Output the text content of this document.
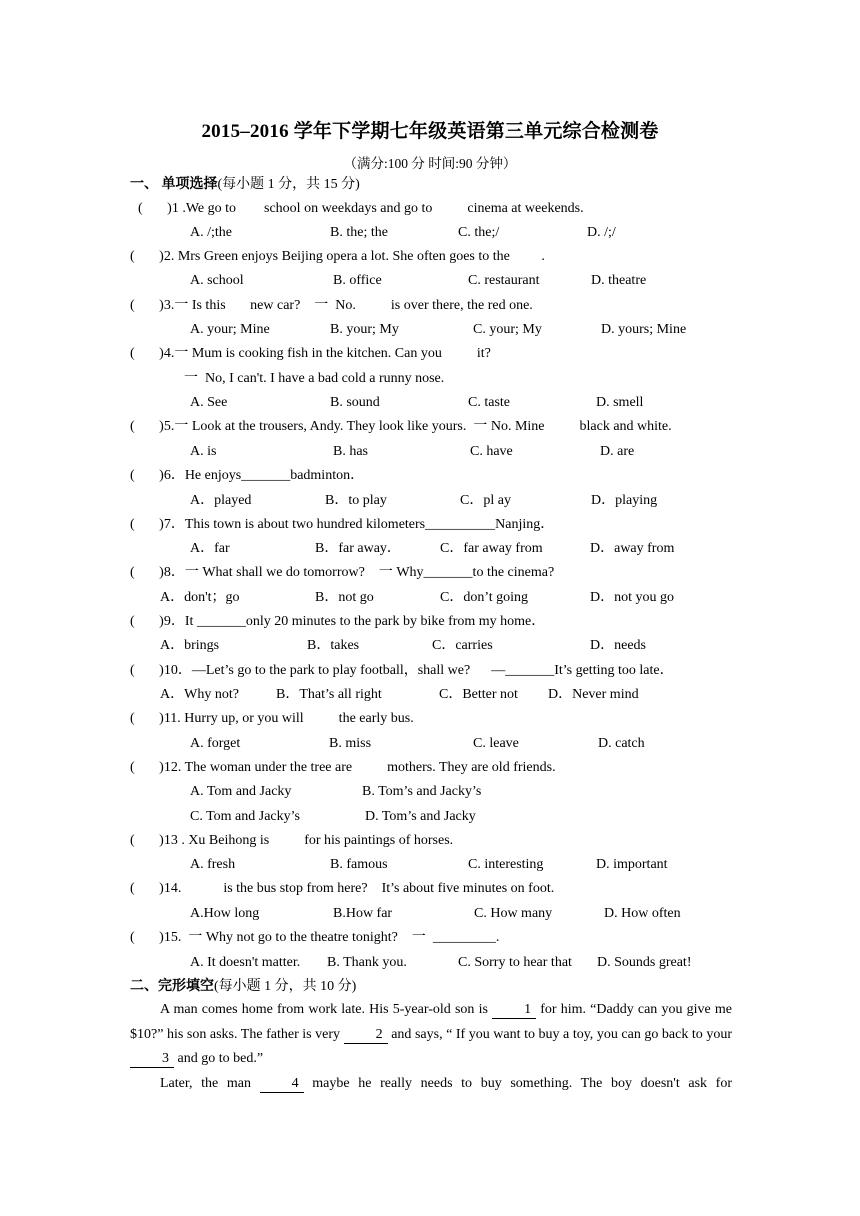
2015–2016 学年下学期七年级英语第三单元综合检测卷
（满分:100 分 时间:90 分钟）
一、 单项选择(每小题 1 分，共 15 分)
(       )1 .We go to        school on weekdays and go to          cinema at weekends.
A. /;the	B. the; the	C. the;/	D. /;/
(       )2. Mrs Green enjoys Beijing opera a lot. She often goes to the         .
A. school	B. office	C. restaurant	D. theatre
(       )3.一 Is this       new car?    一  No.          is over there, the red one.
A. your; Mine	B. your; My	C. your; My	D. yours; Mine
(       )4.一 Mum is cooking fish in the kitchen. Can you          it?
一  No, I can't. I have a bad cold a runny nose.
A. See	B. sound	C. taste	D. smell
(       )5.一 Look at the trousers, Andy. They look like yours.  一 No. Mine          black and white.
A. is	B. has	C. have	D. are
(       )6．He enjoys_______badminton．
A．played	B．to play	C．pl ay	D．playing
(       )7．This town is about two hundred kilometers__________Nanjing．
A．far	B．far away．	C．far away from	D．away from
(       )8．一 What shall we do tomorrow?    一 Why_______to the cinema?
A．don't；go	B．not go	C．don’t going	D．not you go
(       )9．It _______only 20 minutes to the park by bike from my home．
A．brings	B．takes	C．carries	D．needs
(       )10．—Let’s go to the park to play football，shall we?      —_______It’s getting too late．
A．Why not?	B．That’s all right	C．Better not D．Never mind
(       )11. Hurry up, or you will          the early bus.
A. forget	B. miss	C. leave	D. catch
(       )12. The woman under the tree are          mothers. They are old friends.
A. Tom and Jacky	B. Tom’s and Jacky’s
C. Tom and Jacky’s	D. Tom’s and Jacky
(       )13 . Xu Beihong is          for his paintings of horses.
A. fresh	B. famous	C. interesting	D. important
(       )14.            is the bus stop from here?    It’s about five minutes on foot.
A.How long	B.How far	C. How many	D. How often
(       )15.  一 Why not go to the theatre tonight?    一  _________.
A. It doesn't matter. B. Thank you.	C. Sorry to hear that D. Sounds great!
二、完形填空(每小题 1 分，共 10 分)
A man comes home from work late. His 5-year-old son is	1 for him. “Daddy can you give me $10?” his son asks. The father is very	2 and says, “ If you want to buy a toy, you can go back to your 3 and go to bed.”
Later, the man	4 maybe he really needs to buy something. The boy doesn't ask for
